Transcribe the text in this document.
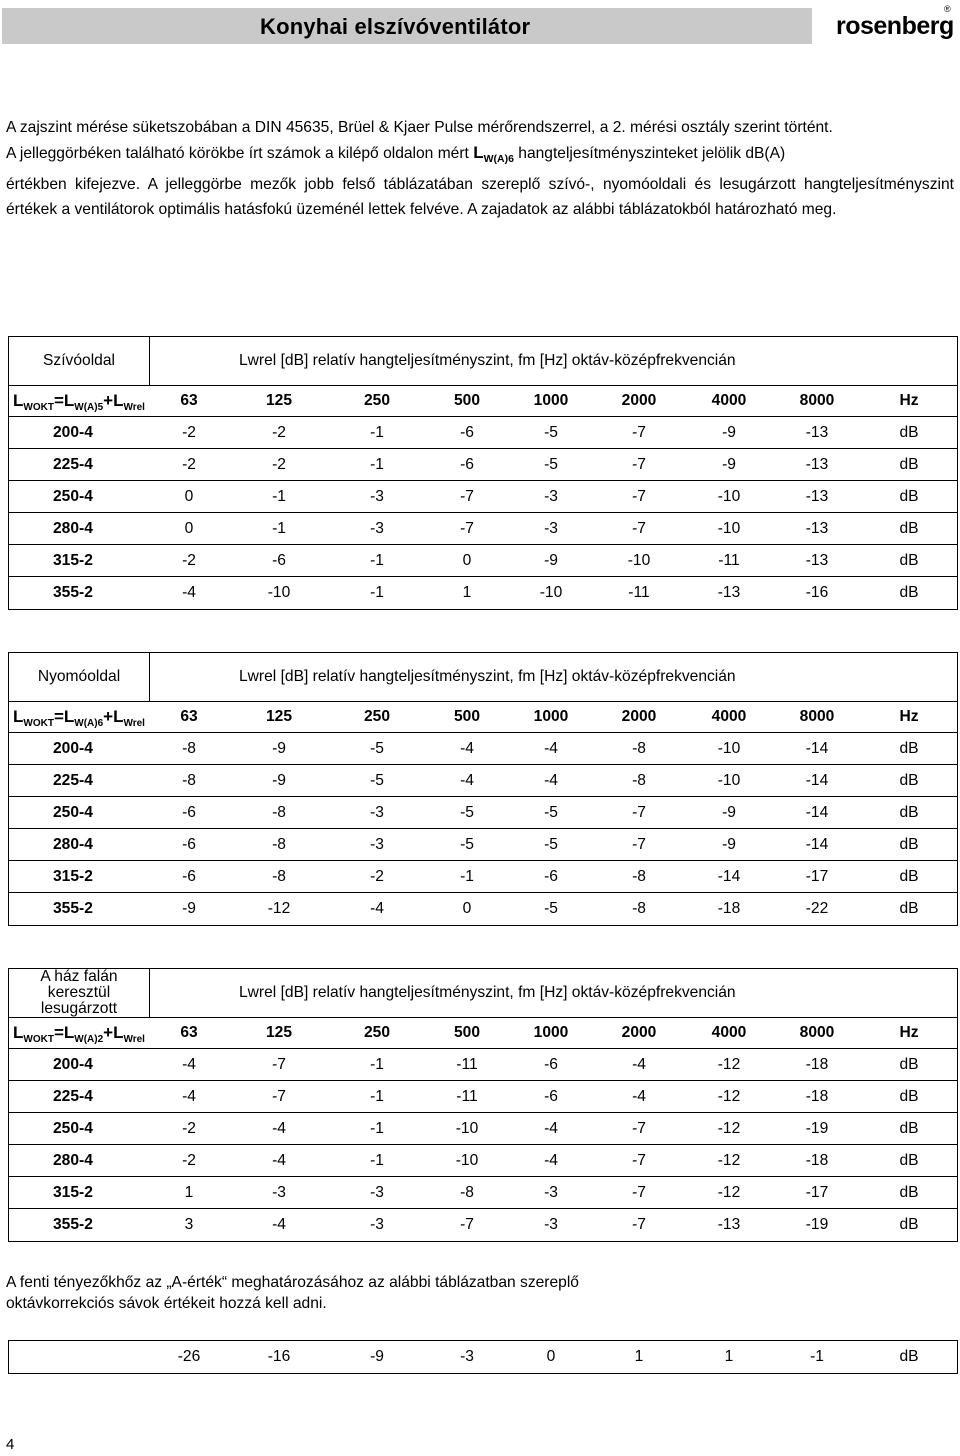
Konyhai elszívóventilátor	rosenberg
®

A zajszint mérése süketszobában a DIN 45635, Brüel & Kjaer Pulse mérőrendszerrel, a 2. mérési osztály szerint történt.

A jelleggörbéken található körökbe írt számok a kilépő oldalon mért $L_{W(A)6}$ hangteljesítményszinteket jelölik dB(A)

értékben kifejezve. A jelleggörbe mezők jobb felső táblázatában szereplő szívó-, nyomóoldali és lesugárzott hangteljesítményszint értékek a ventilátorok optimális hatásfokú üzeménél lettek felvéve. A zajadatok az alábbi táblázatokból határozható meg.

Szívóoldal	Lwrel [dB] relatív hangteljesítményszint, fm [Hz] oktáv-középfrekvencián
$L_{WOKT}=L_{W(A)5}+L_{Wrel}$	63	125	250	500	1000	2000	4000	8000	Hz
200-4	-2	-2	-1	-6	-5	-7	-9	-13	dB
225-4	-2	-2	-1	-6	-5	-7	-9	-13	dB
250-4	0	-1	-3	-7	-3	-7	-10	-13	dB
280-4	0	-1	-3	-7	-3	-7	-10	-13	dB
315-2	-2	-6	-1	0	-9	-10	-11	-13	dB
355-2	-4	-10	-1	1	-10	-11	-13	-16	dB
Nyomóoldal	Lwrel [dB] relatív hangteljesítményszint, fm [Hz] oktáv-középfrekvencián
$L_{WOKT}=L_{W(A)6}+L_{Wrel}$	63	125	250	500	1000	2000	4000	8000	Hz
200-4	-8	-9	-5	-4	-4	-8	-10	-14	dB
225-4	-8	-9	-5	-4	-4	-8	-10	-14	dB
250-4	-6	-8	-3	-5	-5	-7	-9	-14	dB
280-4	-6	-8	-3	-5	-5	-7	-9	-14	dB
315-2	-6	-8	-2	-1	-6	-8	-14	-17	dB
355-2	-9	-12	-4	0	-5	-8	-18	-22	dB
A ház falán keresztül lesugárzott
Lwrel [dB] relatív hangteljesítményszint, fm [Hz] oktáv-középfrekvencián
$L_{WOKT}=L_{W(A)2}+L_{Wrel}$	63	125	250	500	1000	2000	4000	8000	Hz
200-4	-4	-7	-1	-11	-6	-4	-12	-18	dB
225-4	-4	-7	-1	-11	-6	-4	-12	-18	dB
250-4	-2	-4	-1	-10	-4	-7	-12	-19	dB
280-4	-2	-4	-1	-10	-4	-7	-12	-18	dB
315-2	1	-3	-3	-8	-3	-7	-12	-17	dB
355-2	3	-4	-3	-7	-3	-7	-13	-19	dB

A fenti tényezőkhőz az „A-érték“ meghatározásához az alábbi táblázatban szereplő

oktávkorrekciós sávok értékeit hozzá kell adni.

-26	-16	-9	-3	0	1	1	-1	dB
4
